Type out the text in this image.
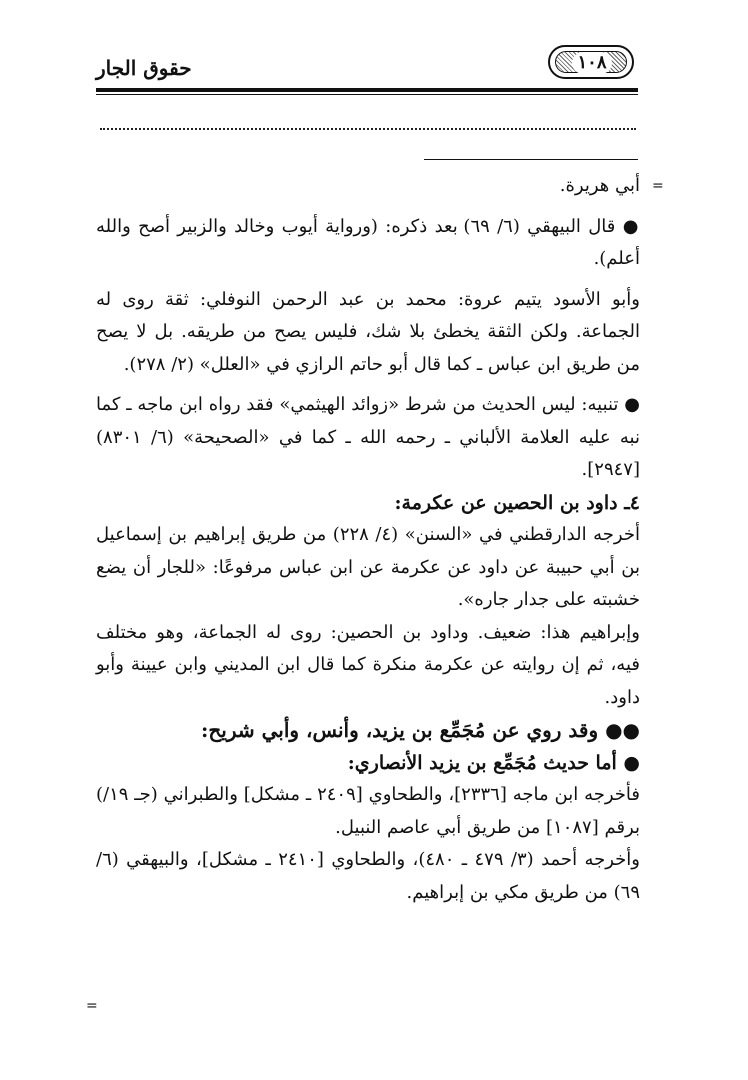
حقوق الجار	١٠٨
=
=

أبي هريرة.

● قال البيهقي (٦/ ٦٩) بعد ذكره: (ورواية أيوب وخالد والزبير أصح والله أعلم).

وأبو الأسود يتيم عروة: محمد بن عبد الرحمن النوفلي: ثقة روى له الجماعة. ولكن الثقة يخطئ بلا شك، فليس يصح من طريقه. بل لا يصح من طريق ابن عباس ـ كما قال أبو حاتم الرازي في «العلل» (٢/ ٢٧٨).

● تنبيه: ليس الحديث من شرط «زوائد الهيثمي» فقد رواه ابن ماجه ـ كما نبه عليه العلامة الألباني ـ رحمه الله ـ كما في «الصحيحة» (٦/ ٨٣٠١) [٢٩٤٧].

٤ـ داود بن الحصين عن عكرمة:

أخرجه الدارقطني في «السنن» (٤/ ٢٢٨) من طريق إبراهيم بن إسماعيل بن أبي حبيبة عن داود عن عكرمة عن ابن عباس مرفوعًا: «للجار أن يضع خشبته على جدار جاره».

وإبراهيم هذا: ضعيف. وداود بن الحصين: روى له الجماعة، وهو مختلف فيه، ثم إن روايته عن عكرمة منكرة كما قال ابن المديني وابن عيينة وأبو داود.

●● وقد روي عن مُجَمِّع بن يزيد، وأنس، وأبي شريح:

● أما حديث مُجَمِّع بن يزيد الأنصاري:

فأخرجه ابن ماجه [٢٣٣٦]، والطحاوي [٢٤٠٩ ـ مشكل] والطبراني (جـ ١٩/) برقم [١٠٨٧] من طريق أبي عاصم النبيل.

وأخرجه أحمد (٣/ ٤٧٩ ـ ٤٨٠)، والطحاوي [٢٤١٠ ـ مشكل]، والبيهقي (٦/ ٦٩) من طريق مكي بن إبراهيم.
